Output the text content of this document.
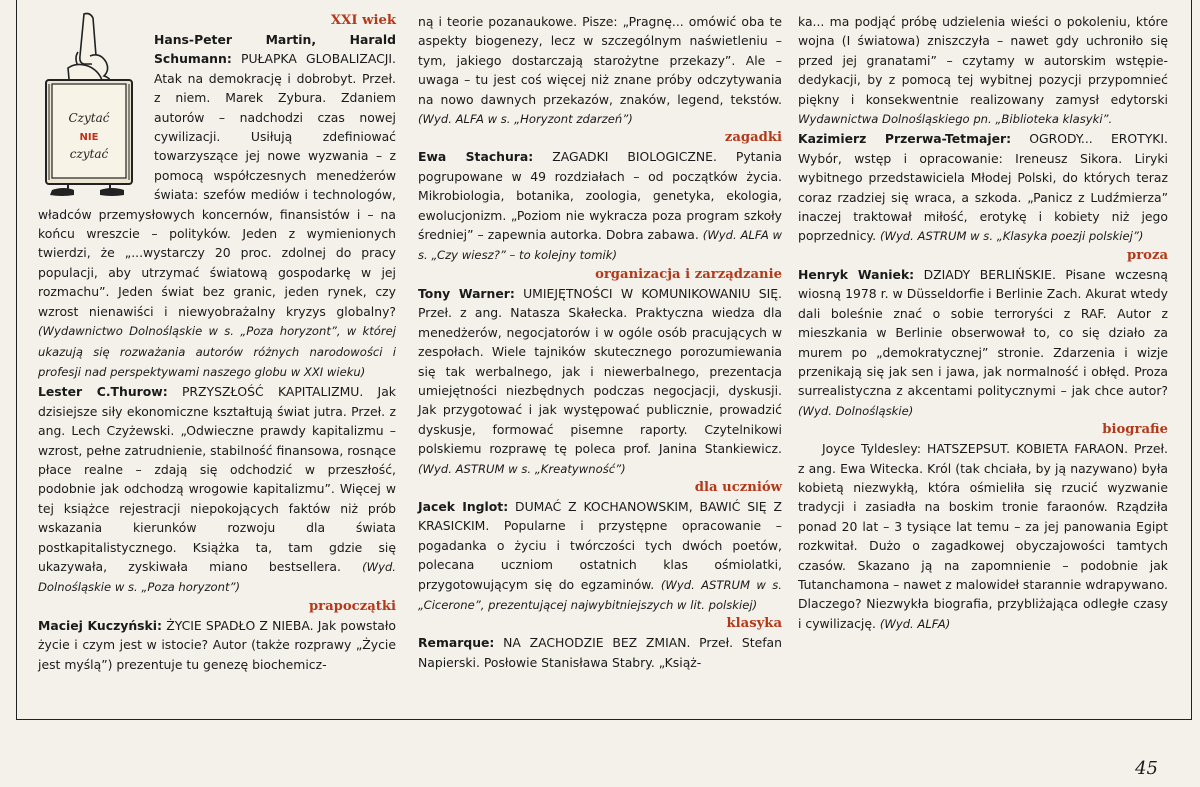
Czytać
NIE
czytać

XXI wiek

Hans-Peter Martin, Harald Schumann: PUŁAPKA GLOBALIZACJI. Atak na demokrację i dobrobyt. Przeł. z niem. Marek Zybura. Zdaniem autorów – nadchodzi czas nowej cywilizacji. Usiłują zdefiniować towarzyszące jej nowe wyzwania – z pomocą współczesnych menedżerów świata: szefów mediów i technologów, władców przemysłowych koncernów, finansistów i – na końcu wreszcie – polityków. Jeden z wymienionych twierdzi, że „...wystarczy 20 proc. zdolnej do pracy populacji, aby utrzymać światową gospodarkę w jej rozmachu”. Jeden świat bez granic, jeden rynek, czy wzrost nienawiści i niewyobrażalny kryzys globalny? (Wydawnictwo Dolnośląskie w s. „Poza horyzont”, w której ukazują się rozważania autorów różnych narodowości i profesji nad perspektywami naszego globu w XXI wieku)

Lester C.Thurow: PRZYSZŁOŚĆ KAPITALIZMU. Jak dzisiejsze siły ekonomiczne kształtują świat jutra. Przeł. z ang. Lech Czyżewski. „Odwieczne prawdy kapitalizmu – wzrost, pełne zatrudnienie, stabilność finansowa, rosnące płace realne – zdają się odchodzić w przeszłość, podobnie jak odchodzą wrogowie kapitalizmu”. Więcej w tej książce rejestracji niepokojących faktów niż prób wskazania kierunków rozwoju dla świata postkapitalistycznego. Książka ta, tam gdzie się ukazywała, zyskiwała miano bestsellera. (Wyd. Dolnośląskie w s. „Poza horyzont”)

prapoczątki

Maciej Kuczyński: ŻYCIE SPADŁO Z NIEBA. Jak powstało życie i czym jest w istocie? Autor (także rozprawy „Życie jest myślą”) prezentuje tu genezę biochemicz-

ną i teorie pozanaukowe. Pisze: „Pragnę... omówić oba te aspekty biogenezy, lecz w szczególnym naświetleniu – tym, jakiego dostarczają starożytne przekazy”. Ale – uwaga – tu jest coś więcej niż znane próby odczytywania na nowo dawnych przekazów, znaków, legend, tekstów. (Wyd. ALFA w s. „Horyzont zdarzeń”)

zagadki

Ewa Stachura: ZAGADKI BIOLOGICZNE. Pytania pogrupowane w 49 rozdziałach – od początków życia. Mikrobiologia, botanika, zoologia, genetyka, ekologia, ewolucjonizm. „Poziom nie wykracza poza program szkoły średniej” – zapewnia autorka. Dobra zabawa. (Wyd. ALFA w s. „Czy wiesz?” – to kolejny tomik)

organizacja i zarządzanie

Tony Warner: UMIEJĘTNOŚCI W KOMUNIKOWANIU SIĘ. Przeł. z ang. Natasza Skałecka. Praktyczna wiedza dla menedżerów, negocjatorów i w ogóle osób pracujących w zespołach. Wiele tajników skutecznego porozumiewania się tak werbalnego, jak i niewerbalnego, prezentacja umiejętności niezbędnych podczas negocjacji, dyskusji. Jak przygotować i jak występować publicznie, prowadzić dyskusje, formować pisemne raporty. Czytelnikowi polskiemu rozprawę tę poleca prof. Janina Stankiewicz. (Wyd. ASTRUM w s. „Kreatywność”)

dla uczniów

Jacek Inglot: DUMAĆ Z KOCHANOWSKIM, BAWIĆ SIĘ Z KRASICKIM. Popularne i przystępne opracowanie – pogadanka o życiu i twórczości tych dwóch poetów, polecana uczniom ostatnich klas ośmiolatki, przygotowującym się do egzaminów. (Wyd. ASTRUM w s. „Cicerone”, prezentującej najwybitniejszych w lit. polskiej)

klasyka

Remarque: NA ZACHODZIE BEZ ZMIAN. Przeł. Stefan Napierski. Posłowie Stanisława Stabry. „Książ-

ka... ma podjąć próbę udzielenia wieści o pokoleniu, które wojna (I światowa) zniszczyła – nawet gdy uchroniło się przed jej granatami” – czytamy w autorskim wstępie-dedykacji, by z pomocą tej wybitnej pozycji przypomnieć piękny i konsekwentnie realizowany zamysł edytorski Wydawnictwa Dolnośląskiego pn. „Biblioteka klasyki”.

Kazimierz Przerwa-Tetmajer: OGRODY... EROTYKI. Wybór, wstęp i opracowanie: Ireneusz Sikora. Liryki wybitnego przedstawiciela Młodej Polski, do których teraz coraz rzadziej się wraca, a szkoda. „Panicz z Ludźmierza” inaczej traktował miłość, erotykę i kobiety niż jego poprzednicy. (Wyd. ASTRUM w s. „Klasyka poezji polskiej”)

proza

Henryk Waniek: DZIADY BERLIŃSKIE. Pisane wczesną wiosną 1978 r. w Düsseldorfie i Berlinie Zach. Akurat wtedy dali boleśnie znać o sobie terroryści z RAF. Autor z mieszkania w Berlinie obserwował to, co się działo za murem po „demokratycznej” stronie. Zdarzenia i wizje przenikają się jak sen i jawa, jak normalność i obłęd. Proza surrealistyczna z akcentami politycznymi – jak chce autor? (Wyd. Dolnośląskie)

biografie

Joyce Tyldesley: HATSZEPSUT. KOBIETA FARAON. Przeł. z ang. Ewa Witecka. Król (tak chciała, by ją nazywano) była kobietą niezwykłą, która ośmieliła się rzucić wyzwanie tradycji i zasiadła na boskim tronie faraonów. Rządziła ponad 20 lat – 3 tysiące lat temu – za jej panowania Egipt rozkwitał. Dużo o zagadkowej obyczajowości tamtych czasów. Skazano ją na zapomnienie – podobnie jak Tutanchamona – nawet z malowideł starannie wdrapywano. Dlaczego? Niezwykła biografia, przybliżająca odległe czasy i cywilizację. (Wyd. ALFA)

45
